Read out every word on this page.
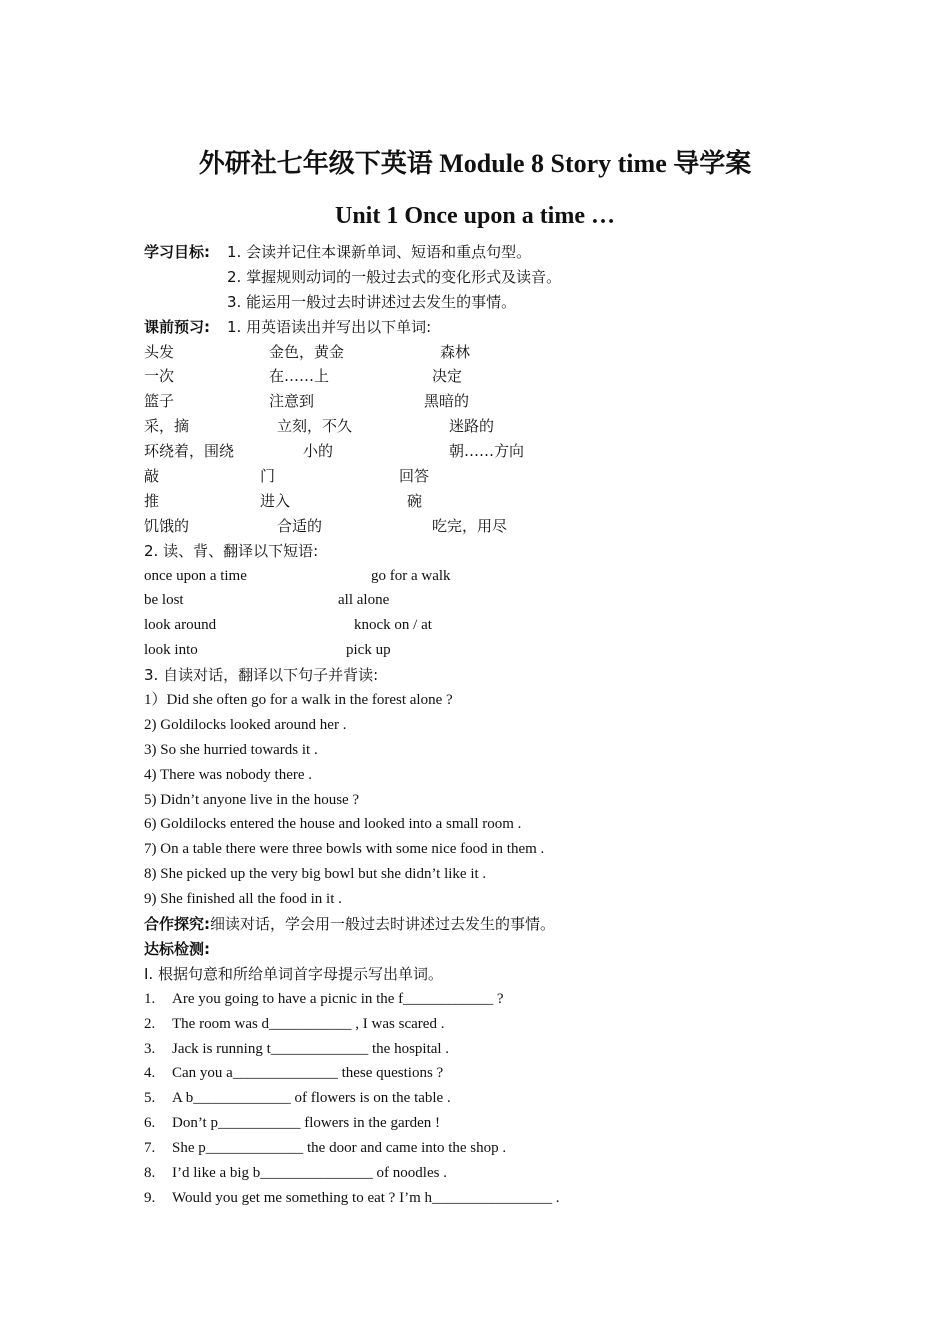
外研社七年级下英语 Module 8 Story time 导学案
Unit 1 Once upon a time …
学习目标: 1. 会读并记住本课新单词、短语和重点句型。
2. 掌握规则动词的一般过去式的变化形式及读音。
3. 能运用一般过去时讲述过去发生的事情。
课前预习: 1. 用英语读出并写出以下单词:
头发	金色，黄金	森林
一次	在……上	决定
篮子	注意到	黑暗的
采，摘	立刻，不久	迷路的
环绕着，围绕	小的	朝……方向
敲	门	回答
推	进入	碗
饥饿的	合适的	吃完，用尽
2. 读、背、翻译以下短语:
once upon a time	go for a walk
be lost	all alone
look around	knock on / at
look into	pick up
3. 自读对话，翻译以下句子并背读:
1）Did she often go for a walk in the forest alone ?
2) Goldilocks looked around her .
3) So she hurried towards it .
4) There was nobody there .
5) Didn’t anyone live in the house ?
6) Goldilocks entered the house and looked into a small room .
7) On a table there were three bowls with some nice food in them .
8) She picked up the very big bowl but she didn’t like it .
9) She finished all the food in it .
合作探究:细读对话，学会用一般过去时讲述过去发生的事情。
达标检测:
I. 根据句意和所给单词首字母提示写出单词。
1. Are you going to have a picnic in the f____________ ?
2. The room was d___________ , I was scared .
3. Jack is running t_____________ the hospital .
4. Can you a______________ these questions ?
5. A b_____________ of flowers is on the table .
6. Don’t p___________ flowers in the garden !
7. She p_____________ the door and came into the shop .
8. I’d like a big b_______________ of noodles .
9. Would you get me something to eat ? I’m h________________ .
